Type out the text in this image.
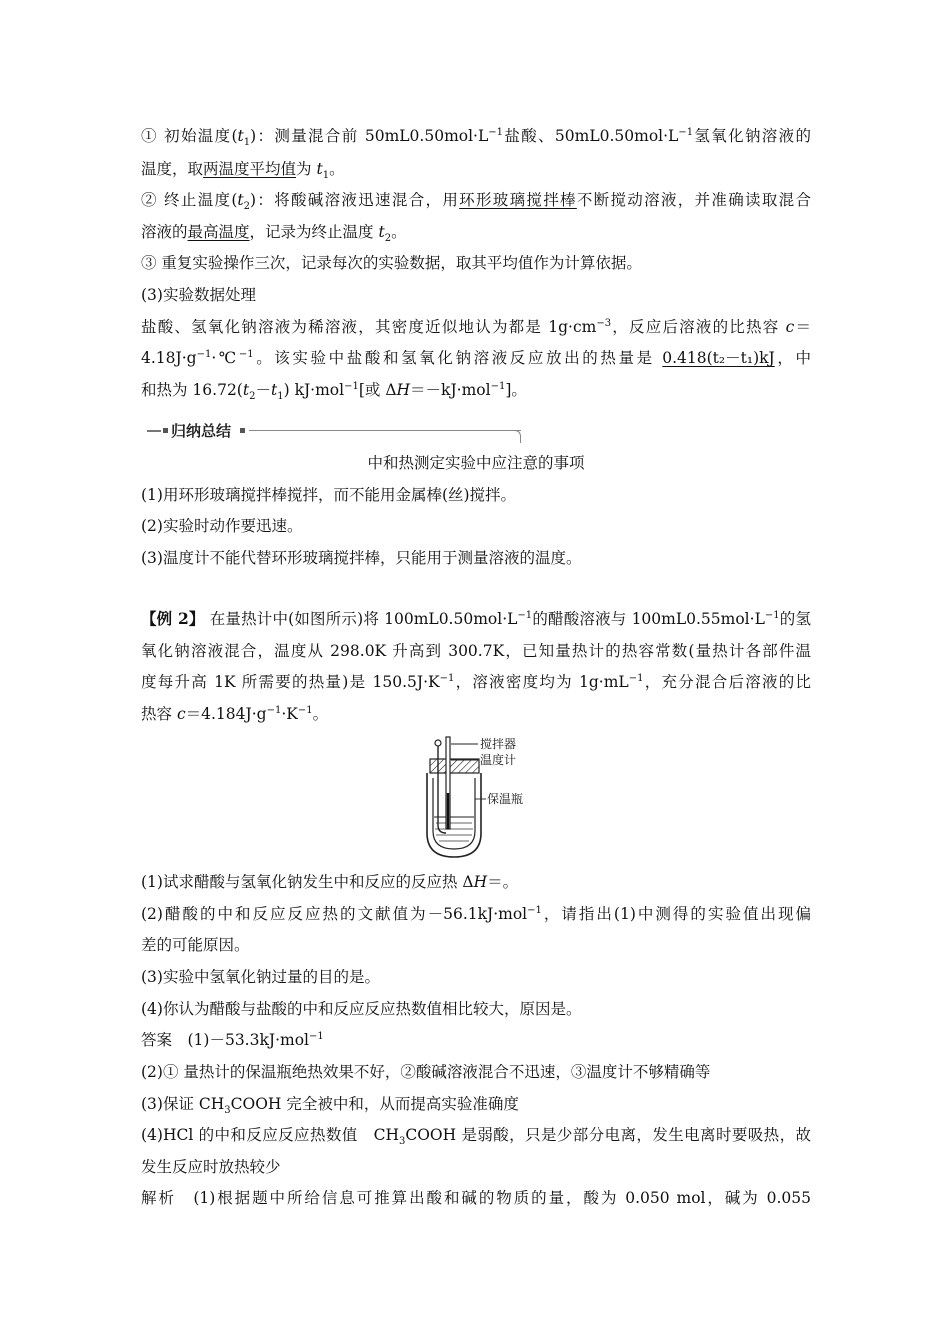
① 初始温度$(t_1)$：测量混合前 $50mL0.50mol\cdot L^{-1}$盐酸、$50mL0.50mol\cdot L^{-1}$氢氧化钠溶液的
温度，取两温度平均值为 $t_1$。
② 终止温度$(t_2)$：将酸碱溶液迅速混合，用环形玻璃搅拌棒不断搅动溶液，并准确读取混合
溶液的最高温度，记录为终止温度 $t_2$。
③ 重复实验操作三次，记录每次的实验数据，取其平均值作为计算依据。
(3)实验数据处理
盐酸、氢氧化钠溶液为稀溶液，其密度近似地认为都是 $1g\cdot cm^{-3}$，反应后溶液的比热容 c＝
$4.18J\cdot g^{-1}\cdot℃^{-1}$。该实验中盐酸和氢氧化钠溶液反应放出的热量是 0.418(t₂－t₁)kJ，中
和热为 $16.72(t_2-t_1)$ kJ·mol$^{-1}$[或 ΔH＝－kJ·mol$^{-1}$]。
归纳总结
中和热测定实验中应注意的事项
(1)用环形玻璃搅拌棒搅拌，而不能用金属棒(丝)搅拌。
(2)实验时动作要迅速。
(3)温度计不能代替环形玻璃搅拌棒，只能用于测量溶液的温度。
【例 2】 在量热计中(如图所示)将 $100mL0.50mol\cdot L^{-1}$的醋酸溶液与 $100mL0.55mol\cdot L^{-1}$的氢
氧化钠溶液混合，温度从 298.0K 升高到 300.7K，已知量热计的热容常数(量热计各部件温
度每升高 1K 所需要的热量)是 $150.5J\cdot K^{-1}$，溶液密度均为 $1g\cdot mL^{-1}$，充分混合后溶液的比
热容 $c=4.184J\cdot g^{-1}\cdot K^{-1}$。
搅拌器
温度计
保温瓶
(1)试求醋酸与氢氧化钠发生中和反应的反应热 ΔH＝。
(2)醋酸的中和反应反应热的文献值为－56.1kJ·mol$^{-1}$，请指出(1)中测得的实验值出现偏
差的可能原因。
(3)实验中氢氧化钠过量的目的是。
(4)你认为醋酸与盐酸的中和反应反应热数值相比较大，原因是。
答案　(1)－53.3kJ·mol$^{-1}$
(2)① 量热计的保温瓶绝热效果不好，②酸碱溶液混合不迅速，③温度计不够精确等
(3)保证 $CH_3COOH$ 完全被中和，从而提高实验准确度
(4)HCl 的中和反应反应热数值　$CH_3COOH$ 是弱酸，只是少部分电离，发生电离时要吸热，故
发生反应时放热较少
解析　(1)根据题中所给信息可推算出酸和碱的物质的量，酸为 0.050 mol，碱为 0.055
